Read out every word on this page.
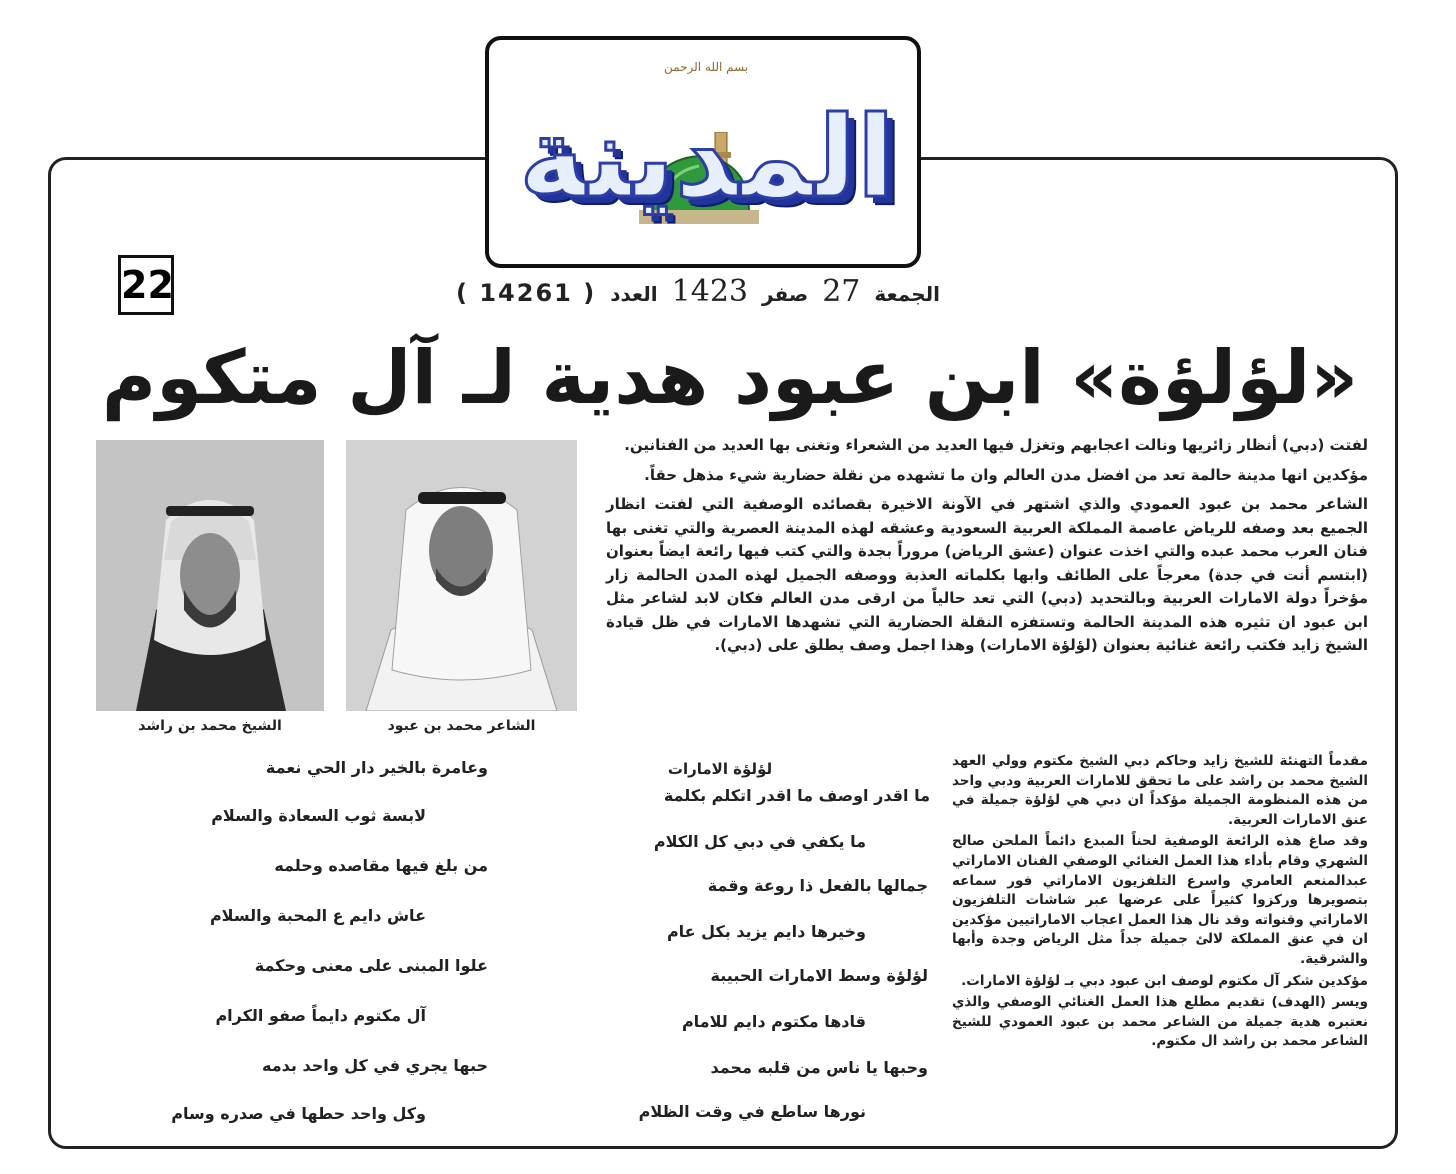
بسم الله الرحمن
المدينة
22	الجمعة
27
صفر
1423
العدد
( 14261 )
«لؤلؤة» ابن عبود هدية لـ آل متكوم
الشيخ محمد بن راشد	الشاعر محمد بن عبود

لفتت (دبي) أنظار زائريها ونالت اعجابهم وتغزل فيها العديد من الشعراء وتغنى بها العديد من الفنانين.

مؤكدين انها مدينة حالمة تعد من افضل مدن العالم وان ما تشهده من نقلة حضارية شيء مذهل حقاً.

الشاعر محمد بن عبود العمودي والذي اشتهر في الآونة الاخيرة بقصائده الوصفية التي لفتت انظار الجميع بعد وصفه للرياض عاصمة المملكة العربية السعودية وعشقه لهذه المدينة العصرية والتي تغنى بها فنان العرب محمد عبده والتي اخذت عنوان (عشق الرياض) مروراً بجدة والتي كتب فيها رائعة ايضاً بعنوان (ابتسم أنت في جدة) معرجاً على الطائف وابها بكلماته العذبة ووصفه الجميل لهذه المدن الحالمة زار مؤخراً دولة الامارات العربية وبالتحديد (دبي) التي تعد حالياً من ارقى مدن العالم فكان لابد لشاعر مثل ابن عبود ان تثيره هذه المدينة الحالمة وتستفزه النقلة الحضارية التي تشهدها الامارات في ظل قيادة الشيخ زايد فكتب رائعة غنائية بعنوان (لؤلؤة الامارات) وهذا اجمل وصف يطلق على (دبي).

مقدماً التهنئة للشيخ زايد وحاكم دبي الشيخ مكتوم وولي العهد الشيخ محمد بن راشد على ما تحقق للامارات العربية ودبي واحد من هذه المنظومة الجميلة مؤكداً ان دبي هي لؤلؤة جميلة في عنق الامارات العربية.

وقد صاغ هذه الرائعة الوصفية لحناً المبدع دائماً الملحن صالح الشهري وقام بأداء هذا العمل الغنائي الوصفي الفنان الاماراتي عبدالمنعم العامري واسرع التلفزيون الاماراتي فور سماعه بتصويرها وركزوا كثيراً على عرضها عبر شاشات التلفزيون الاماراتي وقنواته وقد نال هذا العمل اعجاب الاماراتيين مؤكدين ان في عنق المملكة لالئ جميلة جداً مثل الرياض وجدة وأبها والشرقية.

مؤكدين شكر آل مكتوم لوصف ابن عبود دبي بـ لؤلؤة الامارات.

ويسر (الهدف) تقديم مطلع هذا العمل الغنائي الوصفي والذي نعتبره هدية جميلة من الشاعر محمد بن عبود العمودي للشيخ الشاعر محمد بن راشد ال مكتوم.

لؤلؤة الامارات
ما اقدر اوصف ما اقدر اتكلم بكلمة
ما يكفي في دبي كل الكلام
جمالها بالفعل ذا روعة وقمة
وخيرها دايم يزيد بكل عام
لؤلؤة وسط الامارات الحبيبة
قادها مكتوم دايم للامام
وحبها يا ناس من قلبه محمد
نورها ساطع في وقت الظلام
وعامرة بالخير دار الحي نعمة
لابسة ثوب السعادة والسلام
من بلغ فيها مقاصده وحلمه
عاش دايم ع المحبة والسلام
علوا المبنى على معنى وحكمة
آل مكتوم دايماً صفو الكرام
حبها يجري في كل واحد بدمه
وكل واحد حطها في صدره وسام
